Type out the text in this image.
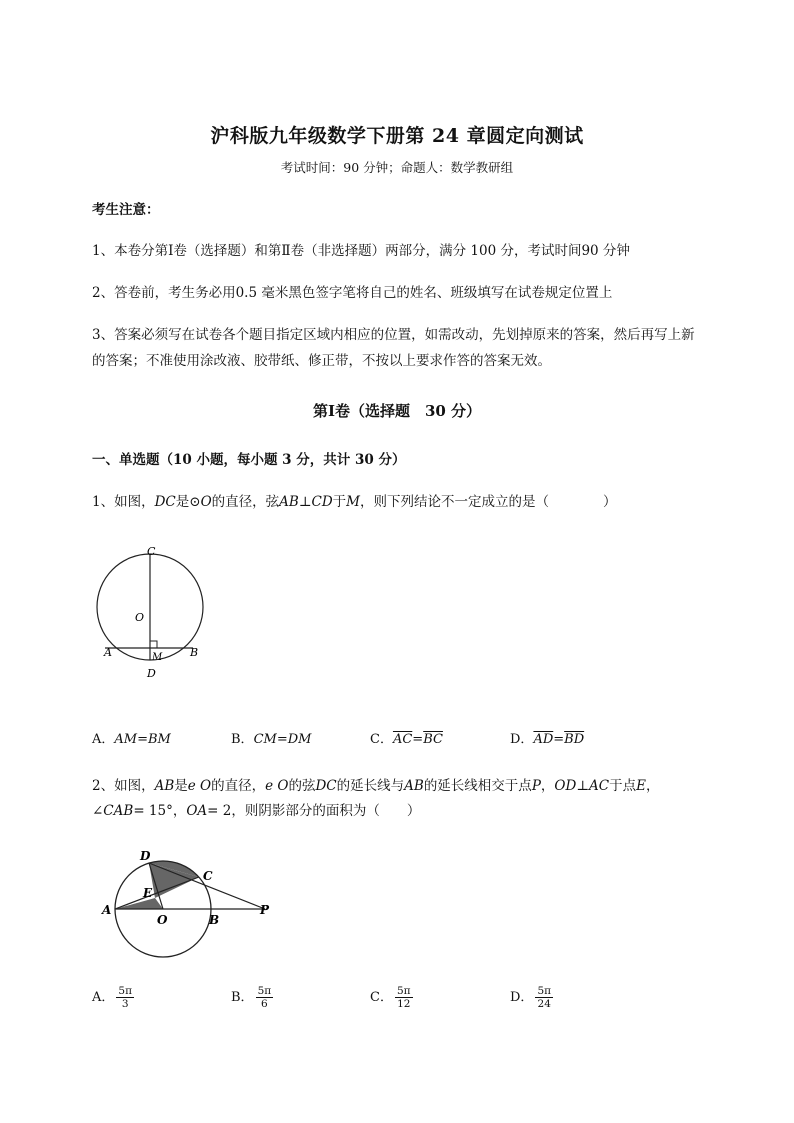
沪科版九年级数学下册第 24 章圆定向测试
考试时间：90 分钟；命题人：数学教研组
考生注意：
1、本卷分第Ⅰ卷（选择题）和第Ⅱ卷（非选择题）两部分，满分 100 分，考试时间90 分钟
2、答卷前，考生务必用0.5 毫米黑色签字笔将自己的姓名、班级填写在试卷规定位置上
3、答案必须写在试卷各个题目指定区域内相应的位置，如需改动，先划掉原来的答案，然后再写上新
的答案；不准使用涂改液、胶带纸、修正带，不按以上要求作答的答案无效。
第Ⅰ卷（选择题　30 分）
一、单选题（10 小题，每小题 3 分，共计 30 分）
1、如图，DC是⊙O的直径，弦AB⊥CD于M，则下列结论不一定成立的是（　　　　）
C
O
A	B
M
D
A．AM=BM	B．CM=DM	C．$\overline{AC}=\overline{BC}$	D．$\overline{AD}=\overline{BD}$
2、如图，AB是e O的直径，e O的弦DC的延长线与AB的延长线相交于点P，OD⊥AC于点E，
∠CAB= 15°，OA= 2，则阴影部分的面积为（　　）
D
C
E
A
O	B
P
A． $\frac{5\pi}{3}$	B． $\frac{5\pi}{6}$	C． $\frac{5\pi}{12}$	D． $\frac{5\pi}{24}$
